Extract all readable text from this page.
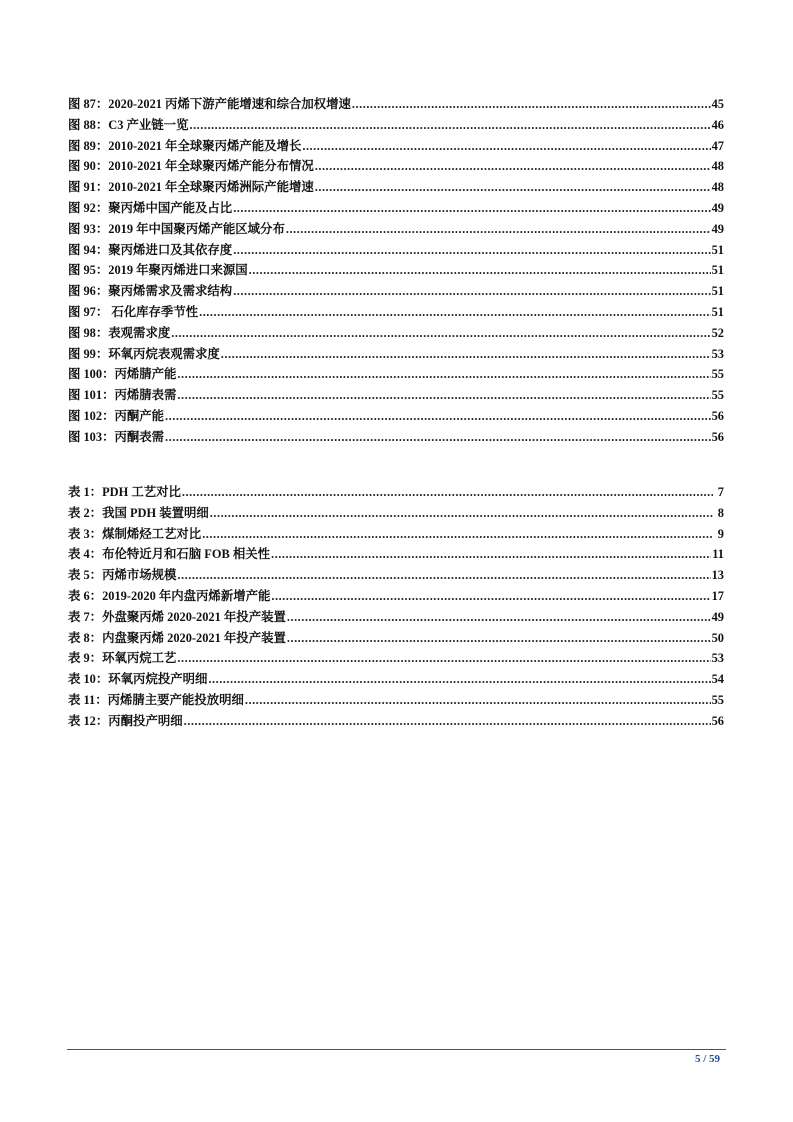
图 87：2020-2021 丙烯下游产能增速和综合加权增速 .....	45
图 88：C3 产业链一览 .....	46
图 89：2010-2021 年全球聚丙烯产能及增长 .....	47
图 90：2010-2021 年全球聚丙烯产能分布情况 .....	48
图 91：2010-2021 年全球聚丙烯洲际产能增速 .....	48
图 92：聚丙烯中国产能及占比 .....	49
图 93：2019 年中国聚丙烯产能区域分布 .....	49
图 94：聚丙烯进口及其依存度 .....	51
图 95：2019 年聚丙烯进口来源国 .....	51
图 96：聚丙烯需求及需求结构 .....	51
图 97： 石化库存季节性 .....	51
图 98：表观需求度 .....	52
图 99：环氧丙烷表观需求度 .....	53
图 100：丙烯腈产能 .....	55
图 101：丙烯腈表需 .....	55
图 102：丙酮产能 .....	56
图 103：丙酮表需 .....	56
表 1：PDH 工艺对比 .....	7
表 2：我国 PDH 装置明细 .....	8
表 3：煤制烯烃工艺对比 .....	9
表 4：布伦特近月和石脑 FOB 相关性 .....	11
表 5：丙烯市场规模 .....	13
表 6：2019-2020 年内盘丙烯新增产能 .....	17
表 7：外盘聚丙烯 2020-2021 年投产装置 .....	49
表 8：内盘聚丙烯 2020-2021 年投产装置 .....	50
表 9：环氧丙烷工艺 .....	53
表 10：环氧丙烷投产明细 .....	54
表 11：丙烯腈主要产能投放明细 .....	55
表 12：丙酮投产明细 .....	56
5 / 59
